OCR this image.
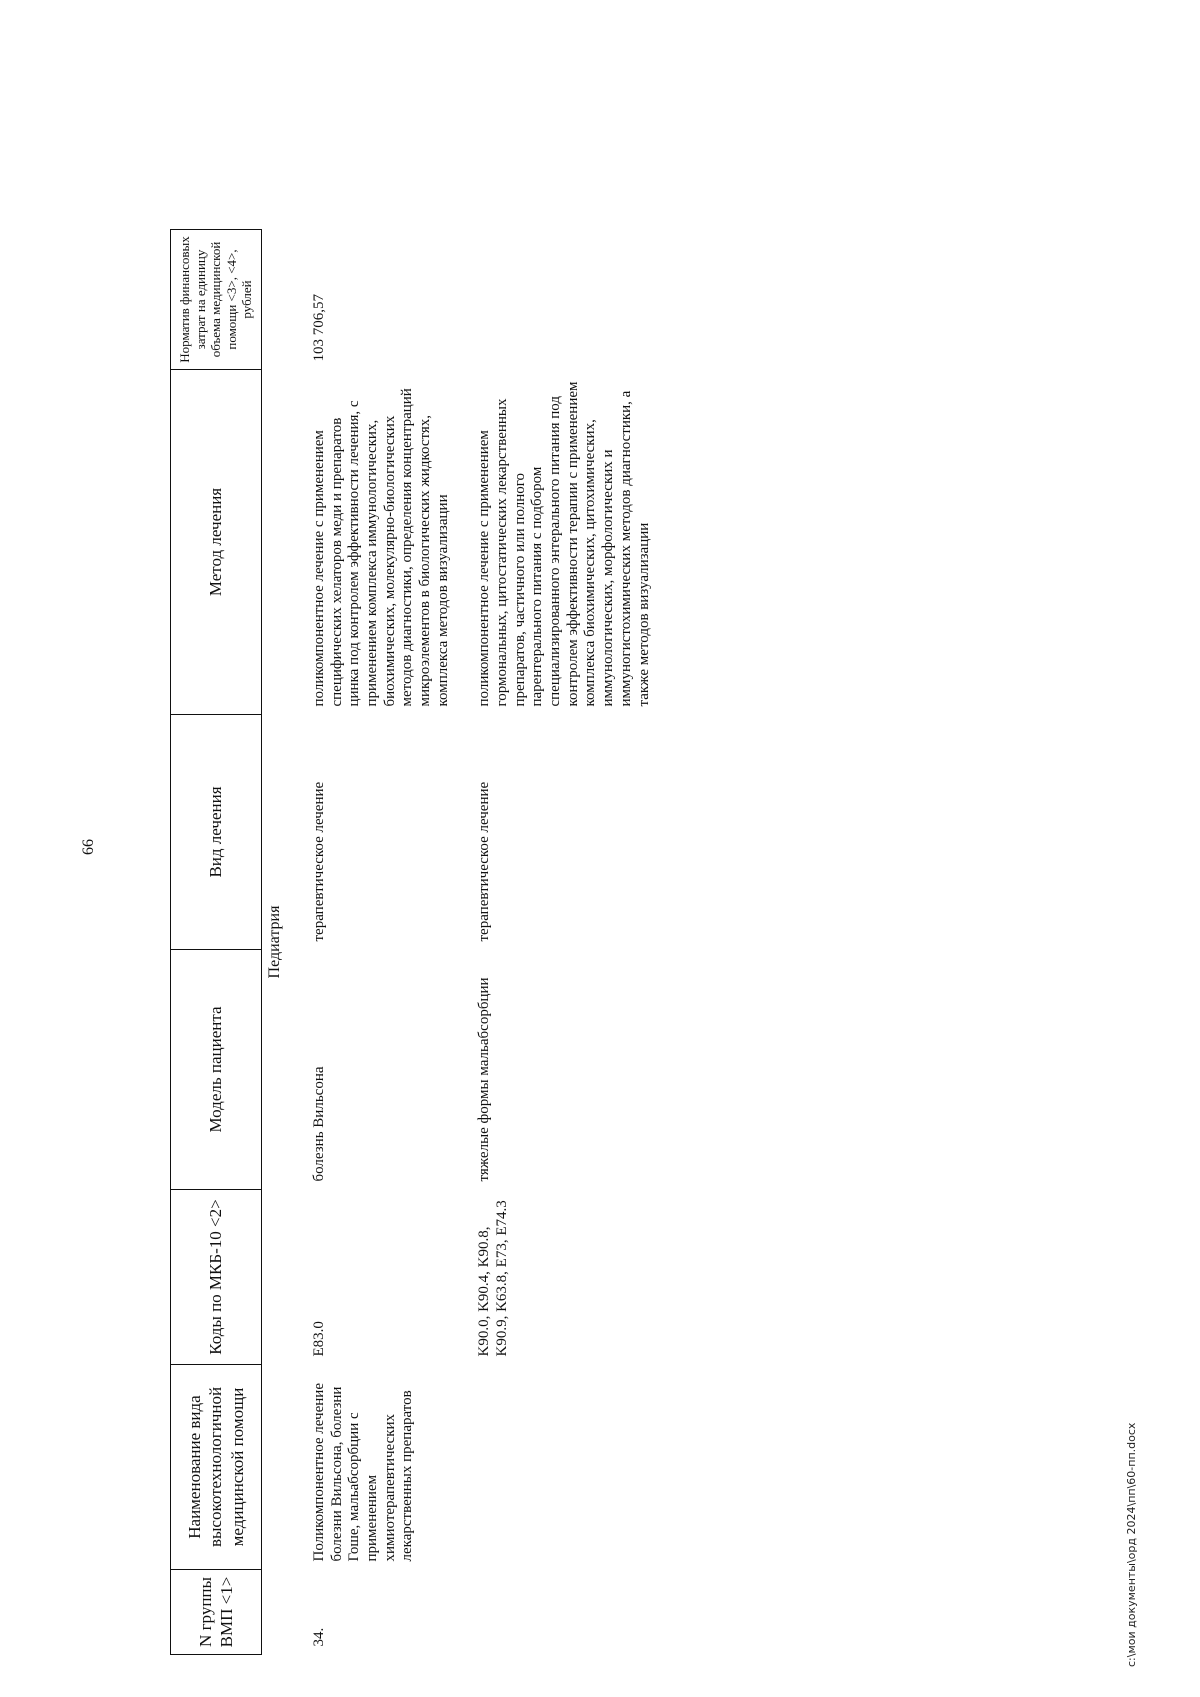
66
N группы ВМП <1>	Наименование вида высокотехнологичной медицинской помощи	Коды по МКБ-10 <2>	Модель пациента	Вид лечения	Метод лечения	Норматив финансовых затрат на единицу объема медицинской помощи <3>, <4>, рублей	
Педиатрия							
34.	Поликомпонентное лечение болезни Вильсона, болезни Гоше, мальабсорбции с применением химиотерапевтических лекарственных препаратов	E83.0	болезнь Вильсона	терапевтическое лечение	поликомпонентное лечение с применением специфических хелаторов меди и препаратов цинка под контролем эффективности лечения, с применением комплекса иммунологических, биохимических, молекулярно-биологических методов диагностики, определения концентраций микроэлементов в биологических жидкостях, комплекса методов визуализации	103 706,57	
		K90.0, K90.4, K90.8, K90.9, K63.8, E73, E74.3	тяжелые формы мальабсорбции	терапевтическое лечение	поликомпонентное лечение с применением гормональных, цитостатических лекарственных препаратов, частичного или полного парентерального питания с подбором специализированного энтерального питания под контролем эффективности терапии с применением комплекса биохимических, цитохимических, иммунологических, морфологических и иммуногистохимических методов диагностики, а также методов визуализации		
c:\мои документы\орд 2024\пп\60-пп.docx
